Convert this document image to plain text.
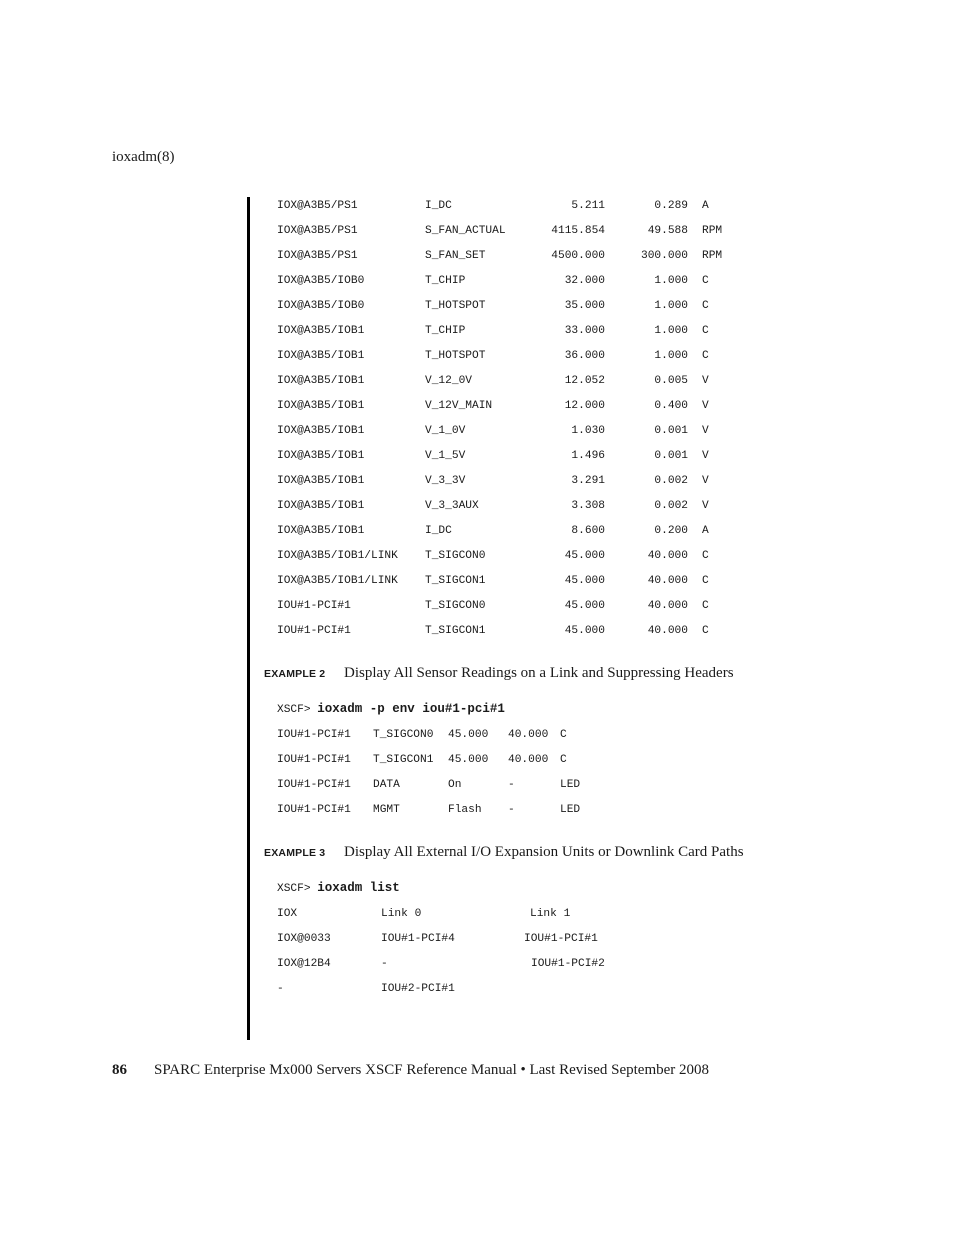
ioxadm(8)
IOX@A3B5/PS1	I_DC	5.211	0.289 A
IOX@A3B5/PS1	S_FAN_ACTUAL	4115.854	49.588 RPM
IOX@A3B5/PS1	S_FAN_SET	4500.000	300.000 RPM
IOX@A3B5/IOB0	T_CHIP	32.000	1.000 C
IOX@A3B5/IOB0	T_HOTSPOT	35.000	1.000 C
IOX@A3B5/IOB1	T_CHIP	33.000	1.000 C
IOX@A3B5/IOB1	T_HOTSPOT	36.000	1.000 C
IOX@A3B5/IOB1	V_12_0V	12.052	0.005 V
IOX@A3B5/IOB1	V_12V_MAIN	12.000	0.400 V
IOX@A3B5/IOB1	V_1_0V	1.030	0.001 V
IOX@A3B5/IOB1	V_1_5V	1.496	0.001 V
IOX@A3B5/IOB1	V_3_3V	3.291	0.002 V
IOX@A3B5/IOB1	V_3_3AUX	3.308	0.002 V
IOX@A3B5/IOB1	I_DC	8.600	0.200 A
IOX@A3B5/IOB1/LINK T_SIGCON0	45.000	40.000 C
IOX@A3B5/IOB1/LINK T_SIGCON1	45.000	40.000 C
IOU#1-PCI#1	T_SIGCON0	45.000	40.000 C
IOU#1-PCI#1	T_SIGCON1	45.000	40.000 C
EXAMPLE 2 Display All Sensor Readings on a Link and Suppressing Headers
XSCF> ioxadm -p env iou#1-pci#1
IOU#1-PCI#1 T_SIGCON0 45.000 40.000 C
IOU#1-PCI#1 T_SIGCON1 45.000 40.000 C
IOU#1-PCI#1 DATA	On	-	LED
IOU#1-PCI#1 MGMT	Flash -	LED
EXAMPLE 3 Display All External I/O Expansion Units or Downlink Card Paths
XSCF> ioxadm list
IOX	Link 0	Link 1
IOX@0033	IOU#1-PCI#4	IOU#1-PCI#1
IOX@12B4	-	IOU#1-PCI#2
-	IOU#2-PCI#1
86 SPARC Enterprise Mx000 Servers XSCF Reference Manual • Last Revised September 2008
